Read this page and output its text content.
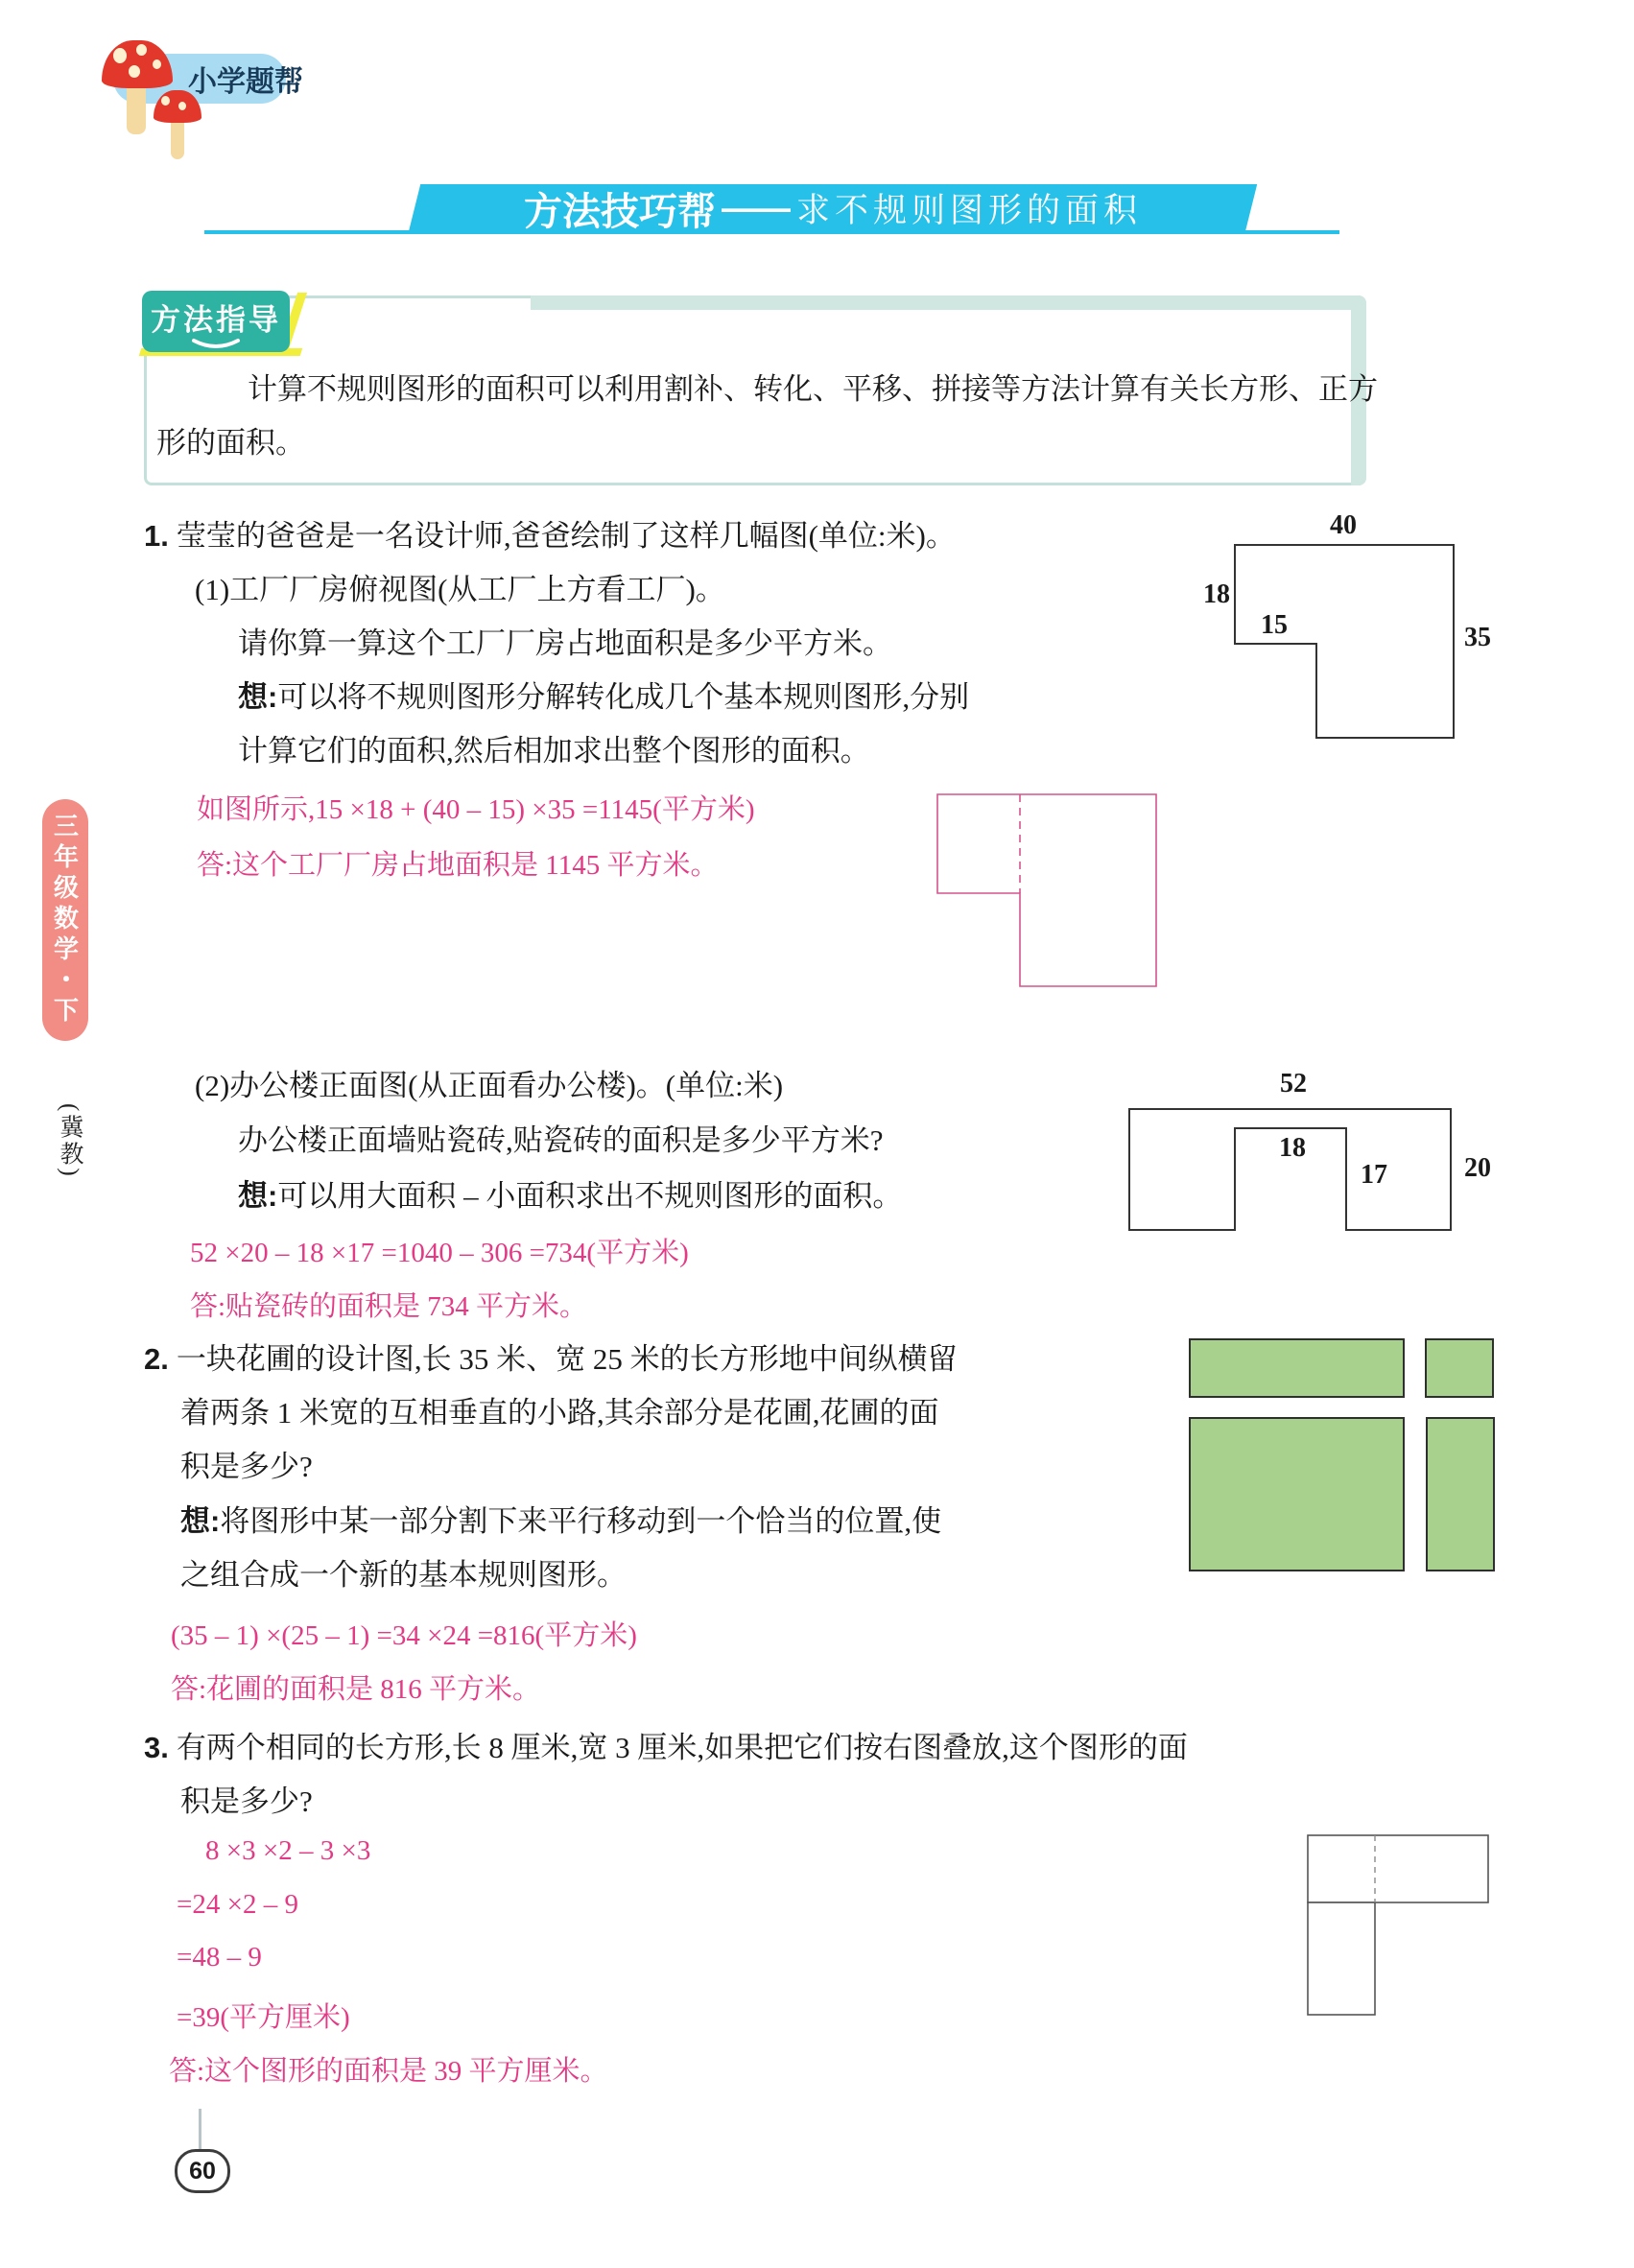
小学题帮
方法技巧帮 —— 求不规则图形的面积
方法指导
计算不规则图形的面积可以利用割补、转化、平移、拼接等方法计算有关长方形、正方
形的面积。
1. 莹莹的爸爸是一名设计师,爸爸绘制了这样几幅图(单位:米)。
(1)工厂厂房俯视图(从工厂上方看工厂)。
请你算一算这个工厂厂房占地面积是多少平方米。
想:可以将不规则图形分解转化成几个基本规则图形,分别
计算它们的面积,然后相加求出整个图形的面积。
如图所示,15 ×18 + (40 – 15) ×35 =1145(平方米)
答:这个工厂厂房占地面积是 1145 平方米。
40
18
15	35
(2)办公楼正面图(从正面看办公楼)。(单位:米)
办公楼正面墙贴瓷砖,贴瓷砖的面积是多少平方米?
想:可以用大面积 – 小面积求出不规则图形的面积。
52 ×20 – 18 ×17 =1040 – 306 =734(平方米)
答:贴瓷砖的面积是 734 平方米。
52
18
17	20
2. 一块花圃的设计图,长 35 米、宽 25 米的长方形地中间纵横留
着两条 1 米宽的互相垂直的小路,其余部分是花圃,花圃的面
积是多少?
想:将图形中某一部分割下来平行移动到一个恰当的位置,使
之组合成一个新的基本规则图形。
(35 – 1) ×(25 – 1) =34 ×24 =816(平方米)
答:花圃的面积是 816 平方米。
3. 有两个相同的长方形,长 8 厘米,宽 3 厘米,如果把它们按右图叠放,这个图形的面
积是多少?
8 ×3 ×2 – 3 ×3
=24 ×2 – 9
=48 – 9
=39(平方厘米)
答:这个图形的面积是 39 平方厘米。
三年级数学・下
(冀教)
60
